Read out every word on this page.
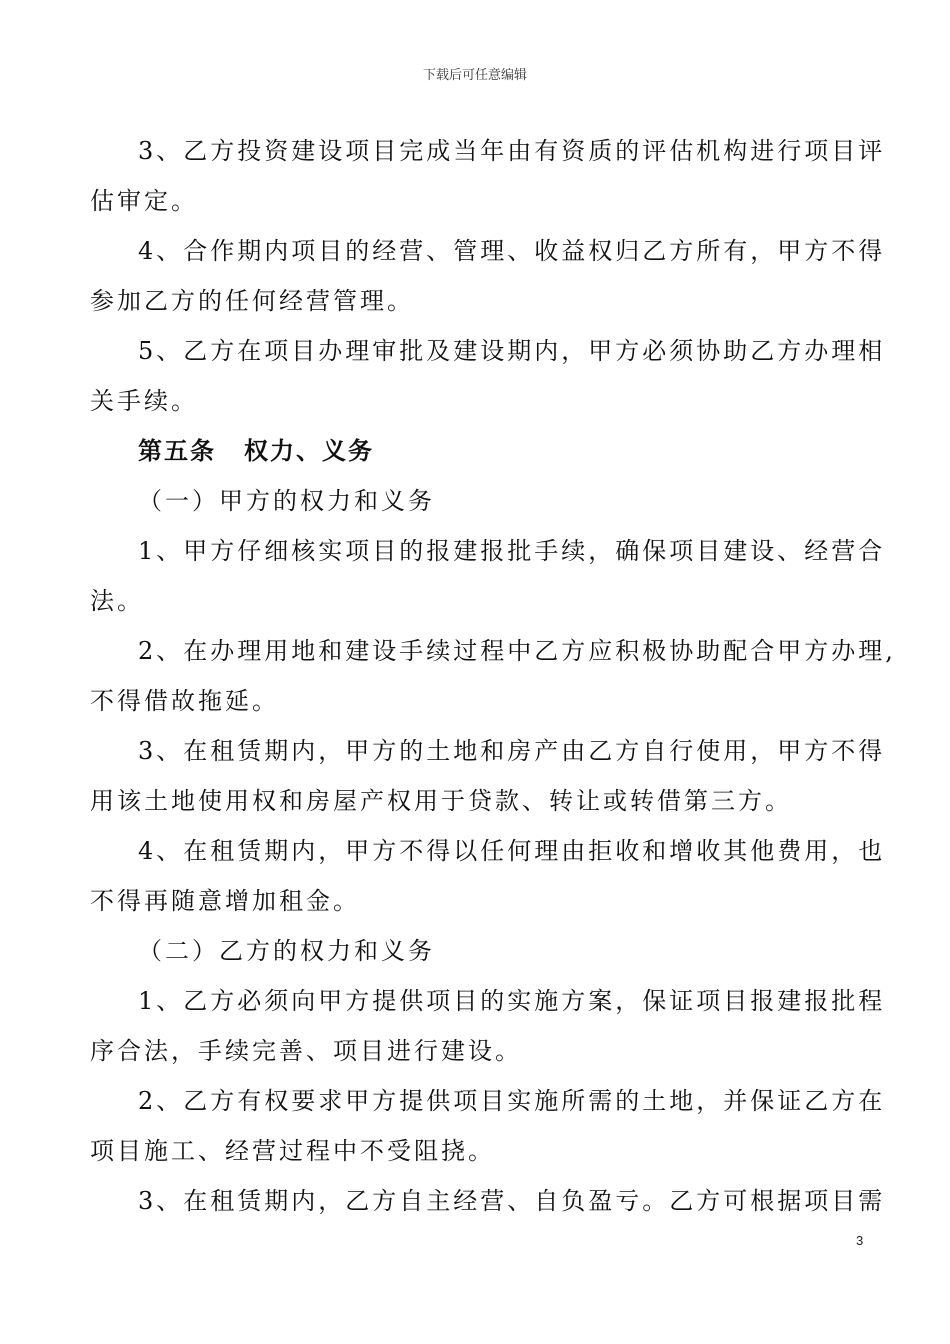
下载后可任意编辑

3、乙方投资建设项目完成当年由有资质的评估机构进行项目评
估审定。

4、合作期内项目的经营、管理、收益权归乙方所有，甲方不得
参加乙方的任何经营管理。

5、乙方在项目办理审批及建设期内，甲方必须协助乙方办理相
关手续。

第五条 权力、义务

（一）甲方的权力和义务

1、甲方仔细核实项目的报建报批手续，确保项目建设、经营合
法。

2、在办理用地和建设手续过程中乙方应积极协助配合甲方办理,
不得借故拖延。

3、在租赁期内，甲方的土地和房产由乙方自行使用，甲方不得
用该土地使用权和房屋产权用于贷款、转让或转借第三方。

4、在租赁期内，甲方不得以任何理由拒收和增收其他费用，也
不得再随意增加租金。

（二）乙方的权力和义务

1、乙方必须向甲方提供项目的实施方案，保证项目报建报批程
序合法，手续完善、项目进行建设。

2、乙方有权要求甲方提供项目实施所需的土地，并保证乙方在
项目施工、经营过程中不受阻挠。

3、在租赁期内，乙方自主经营、自负盈亏。乙方可根据项目需

3
